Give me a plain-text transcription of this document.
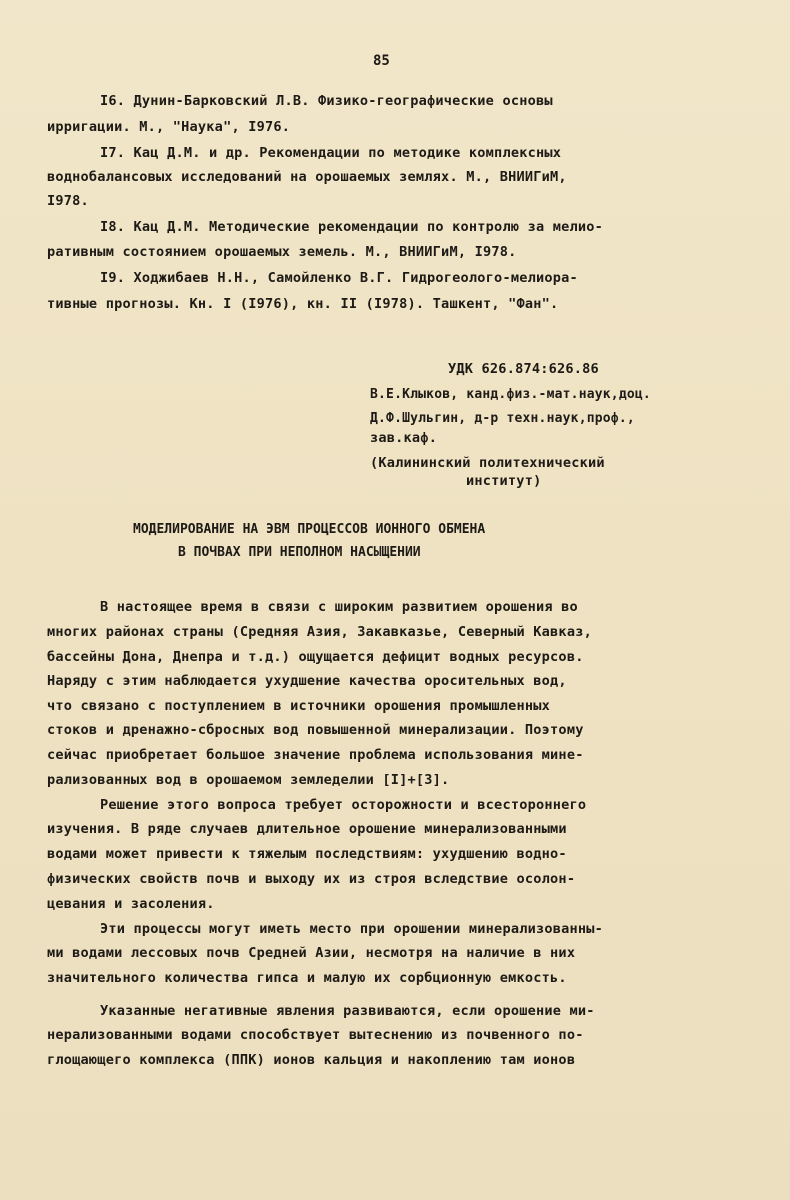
85
I6. Дунин-Барковский Л.В. Физико-географические основы
ирригации. М., "Наука", I976.
I7. Кац Д.М. и др. Рекомендации по методике комплексных
воднобалансовых исследований на орошаемых землях. М., ВНИИГиМ,
I978.
I8. Кац Д.М. Методические рекомендации по контролю за мелио-
ративным состоянием орошаемых земель. М., ВНИИГиМ, I978.
I9. Ходжибаев Н.Н., Самойленко В.Г. Гидрогеолого-мелиора-
тивные прогнозы. Кн. I (I976), кн. II (I978). Ташкент, "Фан".
УДК 626.874:626.86
В.Е.Клыков, канд.физ.-мат.наук,доц.
Д.Ф.Шульгин, д-р техн.наук,проф.,
зав.каф.
(Калининский политехнический
институт)
МОДЕЛИРОВАНИЕ НА ЭВМ ПРОЦЕССОВ ИОННОГО ОБМЕНА
В ПОЧВАХ ПРИ НЕПОЛНОМ НАСЫЩЕНИИ
В настоящее время в связи с широким развитием орошения во
многих районах страны (Средняя Азия, Закавказье, Северный Кавказ,
бассейны Дона, Днепра и т.д.) ощущается дефицит водных ресурсов.
Наряду с этим наблюдается ухудшение качества оросительных вод,
что связано с поступлением в источники орошения промышленных
стоков и дренажно-сбросных вод повышенной минерализации. Поэтому
сейчас приобретает большое значение проблема использования мине-
рализованных вод в орошаемом земледелии [I]+[3].
Решение этого вопроса требует осторожности и всестороннего
изучения. В ряде случаев длительное орошение минерализованными
водами может привести к тяжелым последствиям: ухудшению водно-
физических свойств почв и выходу их из строя вследствие осолон-
цевания и засоления.
Эти процессы могут иметь место при орошении минерализованны-
ми водами лессовых почв Средней Азии, несмотря на наличие в них
значительного количества гипса и малую их сорбционную емкость.
Указанные негативные явления развиваются, если орошение ми-
нерализованными водами способствует вытеснению из почвенного по-
глощающего комплекса (ППК) ионов кальция и накоплению там ионов
